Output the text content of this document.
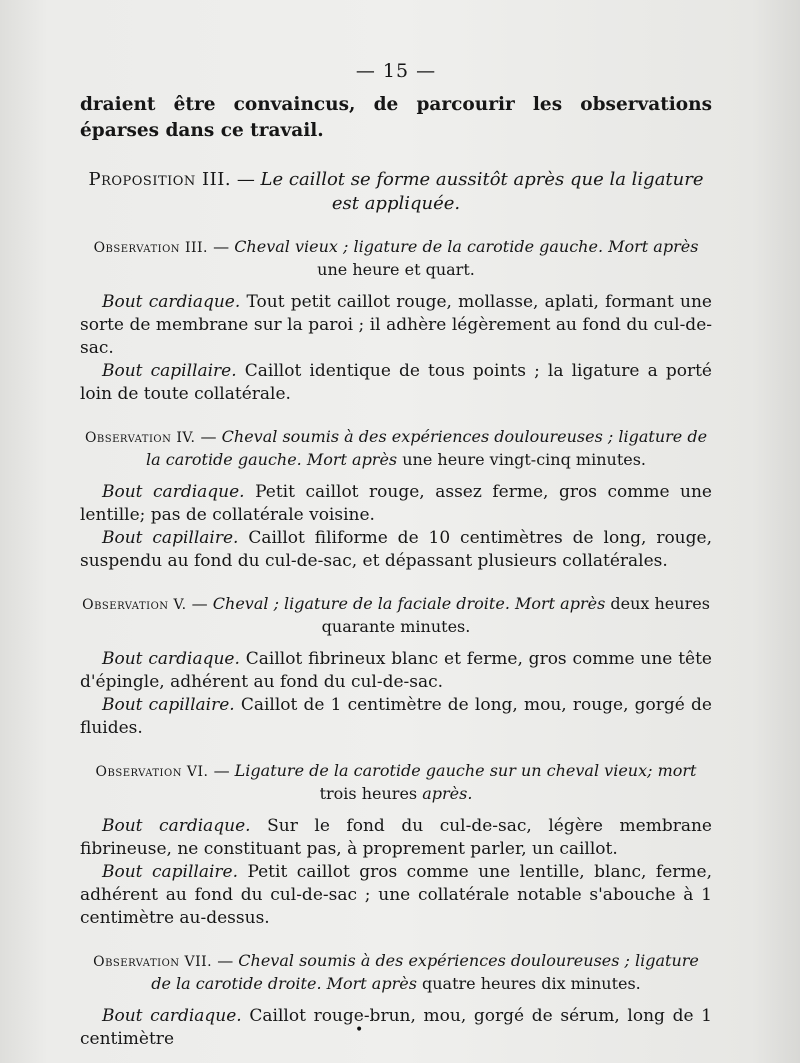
— 15 —

draient être convaincus, de parcourir les observations éparses dans ce travail.

Proposition III. — Le caillot se forme aussitôt après que la ligature est appliquée.
Observation III. — Cheval vieux ; ligature de la carotide gauche. Mort après une heure et quart.

Bout cardiaque. Tout petit caillot rouge, mollasse, aplati, formant une sorte de membrane sur la paroi ; il adhère légèrement au fond du cul-de-sac.

Bout capillaire. Caillot identique de tous points ; la ligature a porté loin de toute collatérale.

Observation IV. — Cheval soumis à des expériences douloureuses ; ligature de la carotide gauche. Mort après une heure vingt-cinq minutes.

Bout cardiaque. Petit caillot rouge, assez ferme, gros comme une lentille; pas de collatérale voisine.

Bout capillaire. Caillot filiforme de 10 centimètres de long, rouge, suspendu au fond du cul-de-sac, et dépassant plusieurs collatérales.

Observation V. — Cheval ; ligature de la faciale droite. Mort après deux heures quarante minutes.

Bout cardiaque. Caillot fibrineux blanc et ferme, gros comme une tête d'épingle, adhérent au fond du cul-de-sac.

Bout capillaire. Caillot de 1 centimètre de long, mou, rouge, gorgé de fluides.

Observation VI. — Ligature de la carotide gauche sur un cheval vieux; mort trois heures après.

Bout cardiaque. Sur le fond du cul-de-sac, légère membrane fibrineuse, ne constituant pas, à proprement parler, un caillot.

Bout capillaire. Petit caillot gros comme une lentille, blanc, ferme, adhérent au fond du cul-de-sac ; une collatérale notable s'abouche à 1 centimètre au-dessus.

Observation VII. — Cheval soumis à des expériences douloureuses ; ligature de la carotide droite. Mort après quatre heures dix minutes.

Bout cardiaque. Caillot rouge-brun, mou, gorgé de sérum, long de 1 centimètre	•
